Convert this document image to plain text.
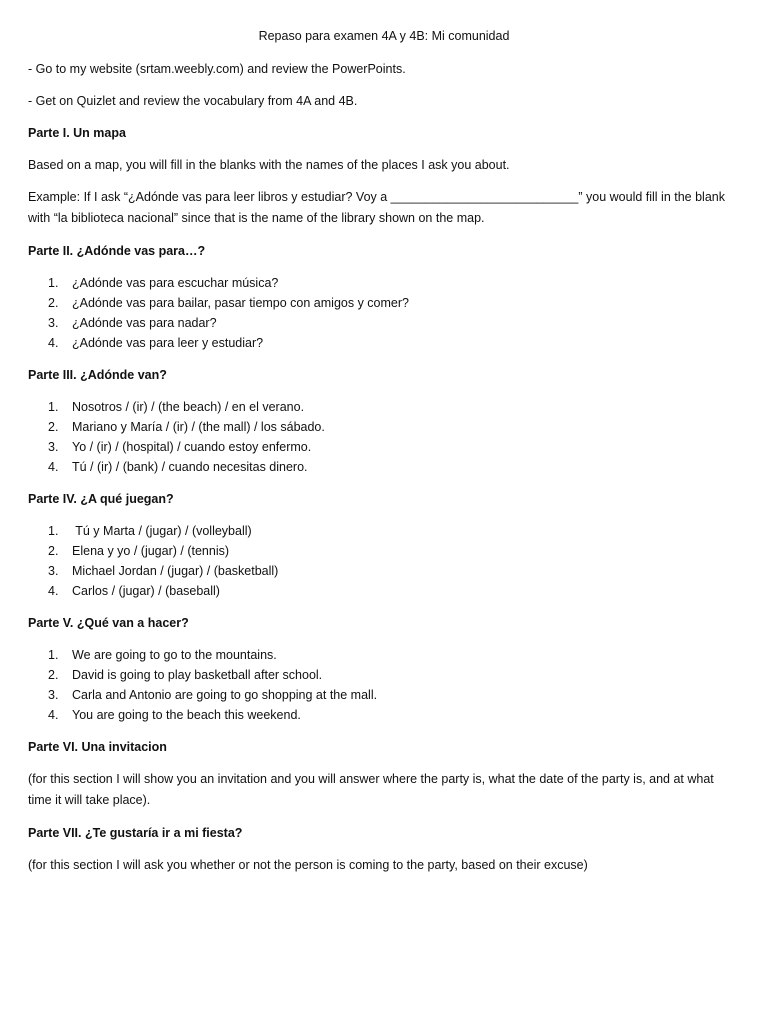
Repaso para examen 4A y 4B: Mi comunidad

- Go to my website (srtam.weebly.com) and review the PowerPoints.

- Get on Quizlet and review the vocabulary from 4A and 4B.

Parte I. Un mapa

Based on a map, you will fill in the blanks with the names of the places I ask you about.

Example: If I ask “¿Adónde vas para leer libros y estudiar? Voy a ___________________________” you would fill in the blank with “la biblioteca nacional” since that is the name of the library shown on the map.

Parte II. ¿Adónde vas para…?
1. ¿Adónde vas para escuchar música?
2. ¿Adónde vas para bailar, pasar tiempo con amigos y comer?
3. ¿Adónde vas para nadar?
4. ¿Adónde vas para leer y estudiar?
Parte III. ¿Adónde van?
1. Nosotros / (ir) / (the beach) / en el verano.
2. Mariano y María / (ir) / (the mall) / los sábado.
3. Yo / (ir) / (hospital) / cuando estoy enfermo.
4. Tú / (ir) / (bank) / cuando necesitas dinero.
Parte IV. ¿A qué juegan?
1. Tú y Marta / (jugar) / (volleyball)
2. Elena y yo / (jugar) / (tennis)
3. Michael Jordan / (jugar) / (basketball)
4. Carlos / (jugar) / (baseball)
Parte V. ¿Qué van a hacer?
1. We are going to go to the mountains.
2. David is going to play basketball after school.
3. Carla and Antonio are going to go shopping at the mall.
4. You are going to the beach this weekend.
Parte VI. Una invitacion

(for this section I will show you an invitation and you will answer where the party is, what the date of the party is, and at what time it will take place).

Parte VII. ¿Te gustaría ir a mi fiesta?

(for this section I will ask you whether or not the person is coming to the party, based on their excuse)
